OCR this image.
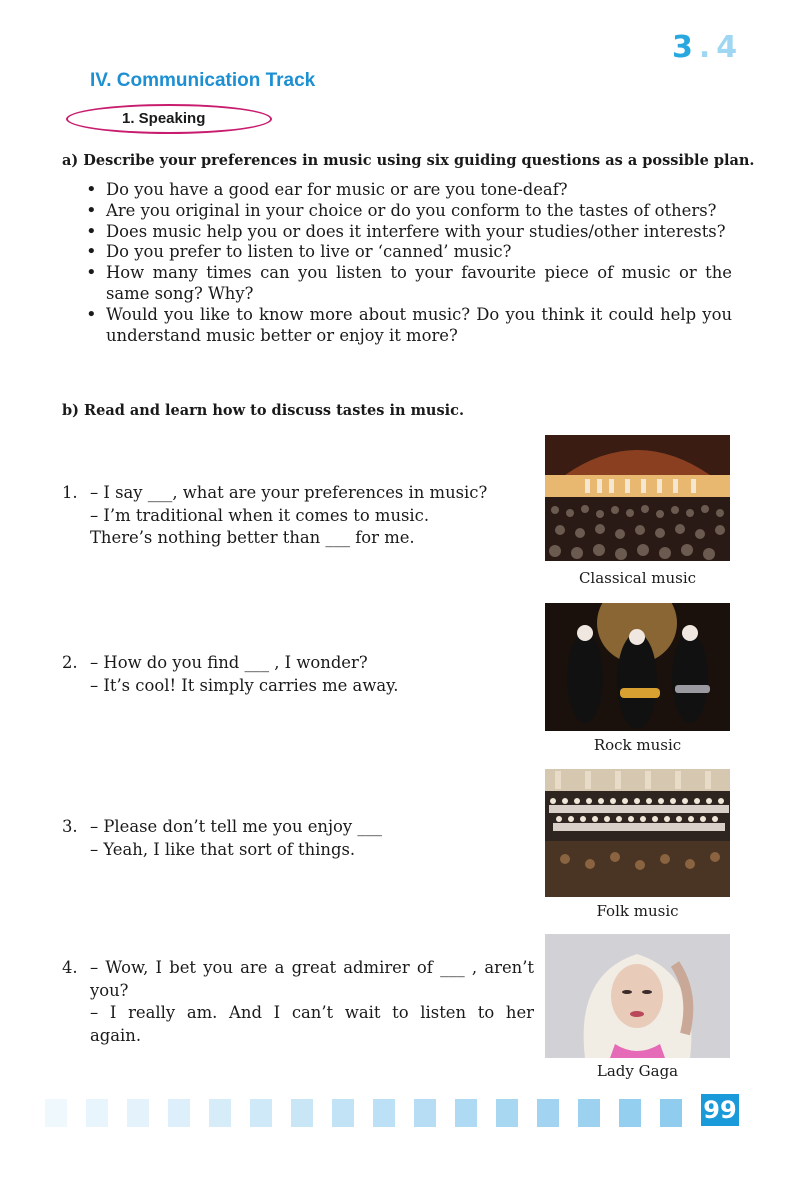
3.4
IV. Communication Track
1. Speaking
a) Describe your preferences in music using six guiding questions as a possible plan.
• Do you have a good ear for music or are you tone-deaf?
• Are you original in your choice or do you conform to the tastes of others?
• Does music help you or does it interfere with your studies/other interests?
• Do you prefer to listen to live or ‘canned’ music?
• How many times can you listen to your favourite piece of music or the same song? Why?
• Would you like to know more about music? Do you think it could help you understand music better or enjoy it more?
b) Read and learn how to discuss tastes in music.
1. – I say ___, what are your preferences in music?
– I’m traditional when it comes to music.
There’s nothing better than ___ for me.
2. – How do you find ___ , I wonder?
– It’s cool! It simply carries me away.
3. – Please don’t tell me you enjoy ___
– Yeah, I like that sort of things.
4. – Wow, I bet you are a great admirer of ___ , aren’t
you?
– I really am. And I can’t wait to listen to her
again.
Classical music
Rock music
Folk music
Lady Gaga
99
